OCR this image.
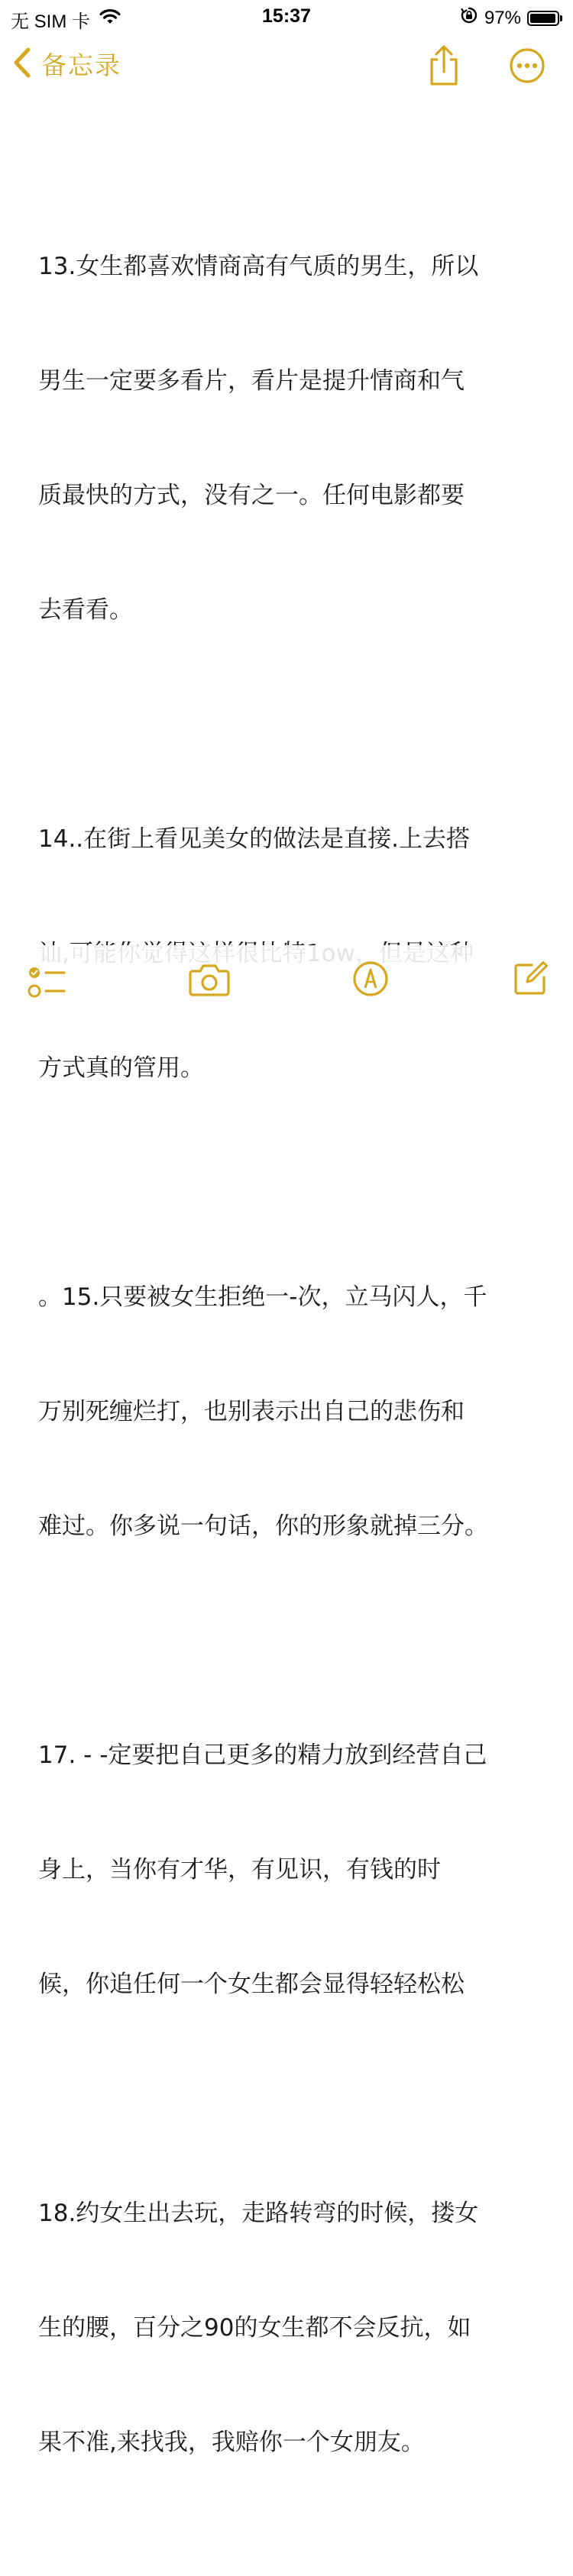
无 SIM 卡	15:37	97%
备忘录

13.女生都喜欢情商高有气质的男生，所以

男生一定要多看片，看片是提升情商和气

质最快的方式，没有之一。任何电影都要

去看看。

14..在街上看见美女的做法是直接.上去搭

方式真的管用。

。15.只要被女生拒绝一-次，立马闪人，千

万别死缠烂打，也别表示出自己的悲伤和

难过。你多说一句话，你的形象就掉三分。

17. - -定要把自己更多的精力放到经营自己

身上，当你有才华，有见识，有钱的时

候，你追任何一个女生都会显得轻轻松松

18.约女生出去玩，走路转弯的时候，搂女

生的腰，百分之90的女生都不会反抗，如

果不准,来找我，我赔你一个女朋友。
